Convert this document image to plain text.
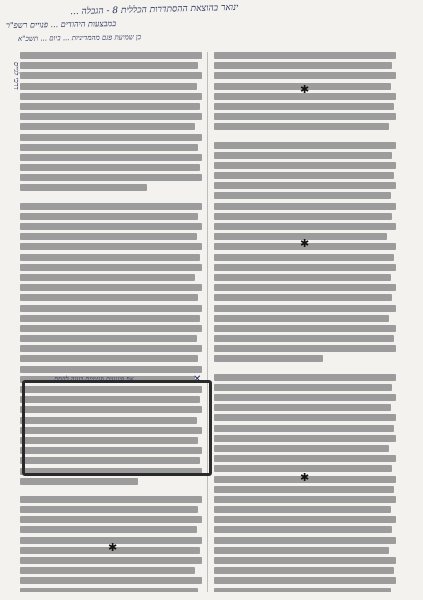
ינואר בהוצאת ההסתדרות הכללית 8 - הגבלה ...
במבצעות היהודים ... פנויים רשפ"ר
כן שמיעת פגם מהמדיניות ... ביום ... תשכ"א
דרכי לגייס
אף פיגועים פנימיים בעזה להסת...	✕
✱
✱
✱
✱
